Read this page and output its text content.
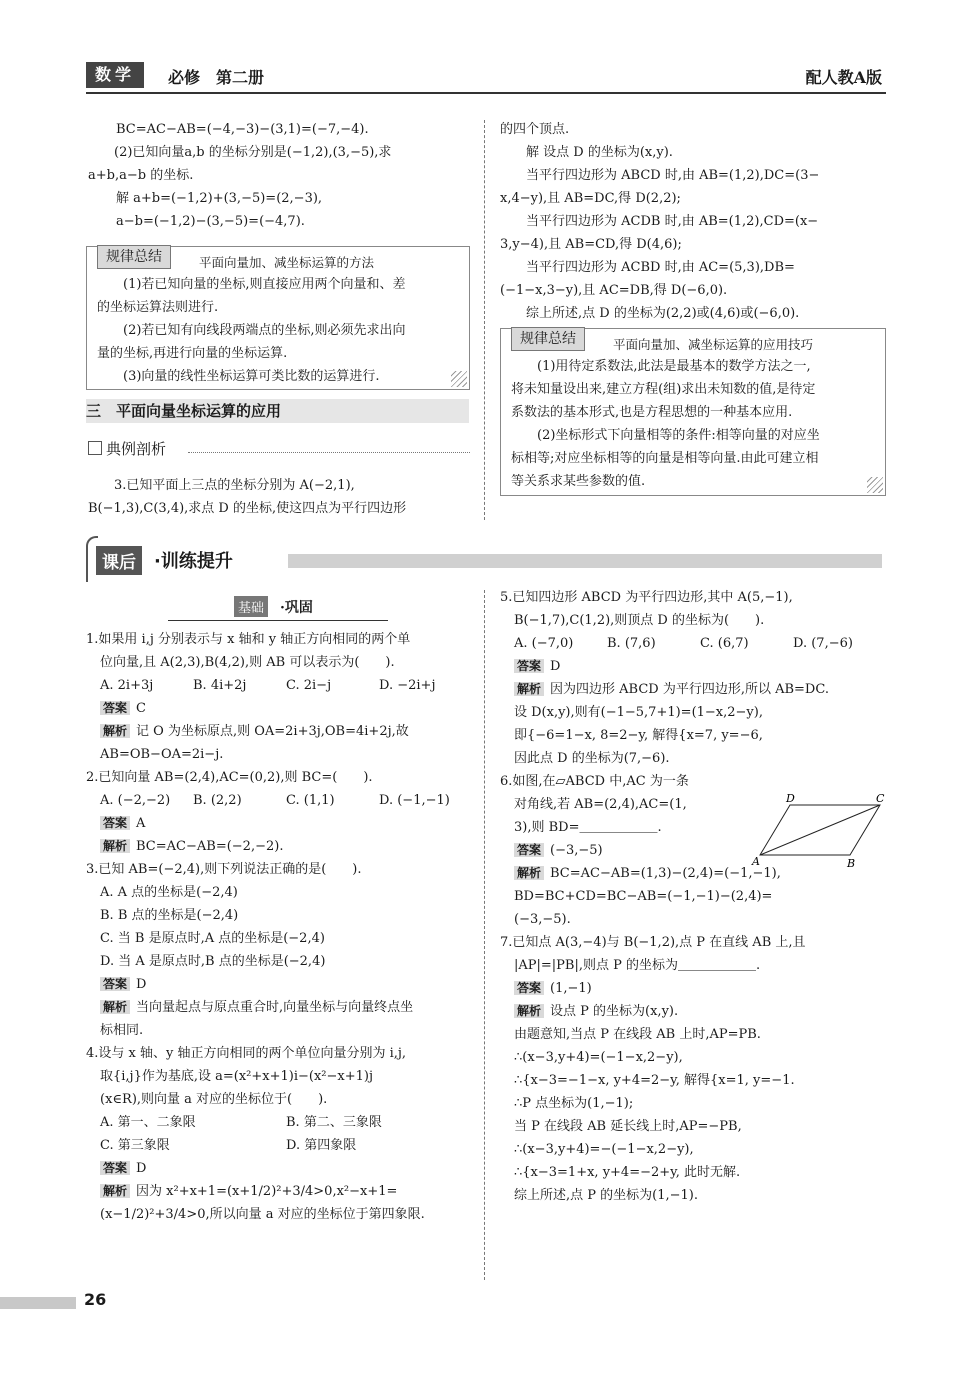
数学	必修　第二册	配人教A版

BC=AC−AB=(−4,−3)−(3,1)=(−7,−4).

(2)已知向量a,b 的坐标分别是(−1,2),(3,−5),求

a+b,a−b 的坐标.

解 a+b=(−1,2)+(3,−5)=(2,−3),

a−b=(−1,2)−(3,−5)=(−4,7).

规律总结	平面向量加、减坐标运算的方法

(1)若已知向量的坐标,则直接应用两个向量和、差

的坐标运算法则进行.

(2)若已知有向线段两端点的坐标,则必须先求出向

量的坐标,再进行向量的坐标运算.

(3)向量的线性坐标运算可类比数的运算进行.

三　平面向量坐标运算的应用
典例剖析

3.已知平面上三点的坐标分别为 A(−2,1),

B(−1,3),C(3,4),求点 D 的坐标,使这四点为平行四边形

的四个顶点.

解 设点 D 的坐标为(x,y).

当平行四边形为 ABCD 时,由 AB=(1,2),DC=(3−

x,4−y),且 AB=DC,得 D(2,2);

当平行四边形为 ACDB 时,由 AB=(1,2),CD=(x−

3,y−4),且 AB=CD,得 D(4,6);

当平行四边形为 ACBD 时,由 AC=(5,3),DB=

(−1−x,3−y),且 AC=DB,得 D(−6,0).

综上所述,点 D 的坐标为(2,2)或(4,6)或(−6,0).

规律总结	平面向量加、减坐标运算的应用技巧

(1)用待定系数法,此法是最基本的数学方法之一,

将未知量设出来,建立方程(组)求出未知数的值,是待定

系数法的基本形式,也是方程思想的一种基本应用.

(2)坐标形式下向量相等的条件:相等向量的对应坐

标相等;对应坐标相等的向量是相等向量.由此可建立相

等关系求某些参数的值.

课后	·训练提升
基础 ·巩固

1.如果用 i,j 分别表示与 x 轴和 y 轴正方向相同的两个单

位向量,且 A(2,3),B(4,2),则 AB 可以表示为(　　).

A. 2i+3j	B. 4i+2j	C. 2i−j	D. −2i+j

答案 C

解析 记 O 为坐标原点,则 OA=2i+3j,OB=4i+2j,故

AB=OB−OA=2i−j.

2.已知向量 AB=(2,4),AC=(0,2),则 BC=(　　).

A. (−2,−2)	B. (2,2)	C. (1,1)	D. (−1,−1)

答案 A

解析 BC=AC−AB=(−2,−2).

3.已知 AB=(−2,4),则下列说法正确的是(　　).

A. A 点的坐标是(−2,4)

B. B 点的坐标是(−2,4)

C. 当 B 是原点时,A 点的坐标是(−2,4)

D. 当 A 是原点时,B 点的坐标是(−2,4)

答案 D

解析 当向量起点与原点重合时,向量坐标与向量终点坐

标相同.

4.设与 x 轴、y 轴正方向相同的两个单位向量分别为 i,j,

取{i,j}作为基底,设 a=(x²+x+1)i−(x²−x+1)j

(x∈R),则向量 a 对应的坐标位于(　　).

A. 第一、二象限	B. 第二、三象限

C. 第三象限	D. 第四象限

答案 D

解析 因为 x²+x+1=(x+1/2)²+3/4>0,x²−x+1=

(x−1/2)²+3/4>0,所以向量 a 对应的坐标位于第四象限.

5.已知四边形 ABCD 为平行四边形,其中 A(5,−1),

B(−1,7),C(1,2),则顶点 D 的坐标为(　　).

A. (−7,0)	B. (7,6)	C. (6,7)	D. (7,−6)

答案 D

解析 因为四边形 ABCD 为平行四边形,所以 AB=DC.

设 D(x,y),则有(−1−5,7+1)=(1−x,2−y),

即{−6=1−x, 8=2−y, 解得{x=7, y=−6,

因此点 D 的坐标为(7,−6).

6.如图,在▱ABCD 中,AC 为一条

对角线,若 AB=(2,4),AC=(1,

3),则 BD=＿＿＿＿＿＿.

答案 (−3,−5)

解析 BC=AC−AB=(1,3)−(2,4)=(−1,−1),

BD=BC+CD=BC−AB=(−1,−1)−(2,4)=

(−3,−5).

7.已知点 A(3,−4)与 B(−1,2),点 P 在直线 AB 上,且

|AP|=|PB|,则点 P 的坐标为＿＿＿＿＿＿.

答案 (1,−1)

解析 设点 P 的坐标为(x,y).

由题意知,当点 P 在线段 AB 上时,AP=PB.

∴(x−3,y+4)=(−1−x,2−y),

∴{x−3=−1−x, y+4=2−y, 解得{x=1, y=−1.

∴P 点坐标为(1,−1);

当 P 在线段 AB 延长线上时,AP=−PB,

∴(x−3,y+4)=−(−1−x,2−y),

∴{x−3=1+x, y+4=−2+y, 此时无解.

综上所述,点 P 的坐标为(1,−1).

D	C
A	B
26
